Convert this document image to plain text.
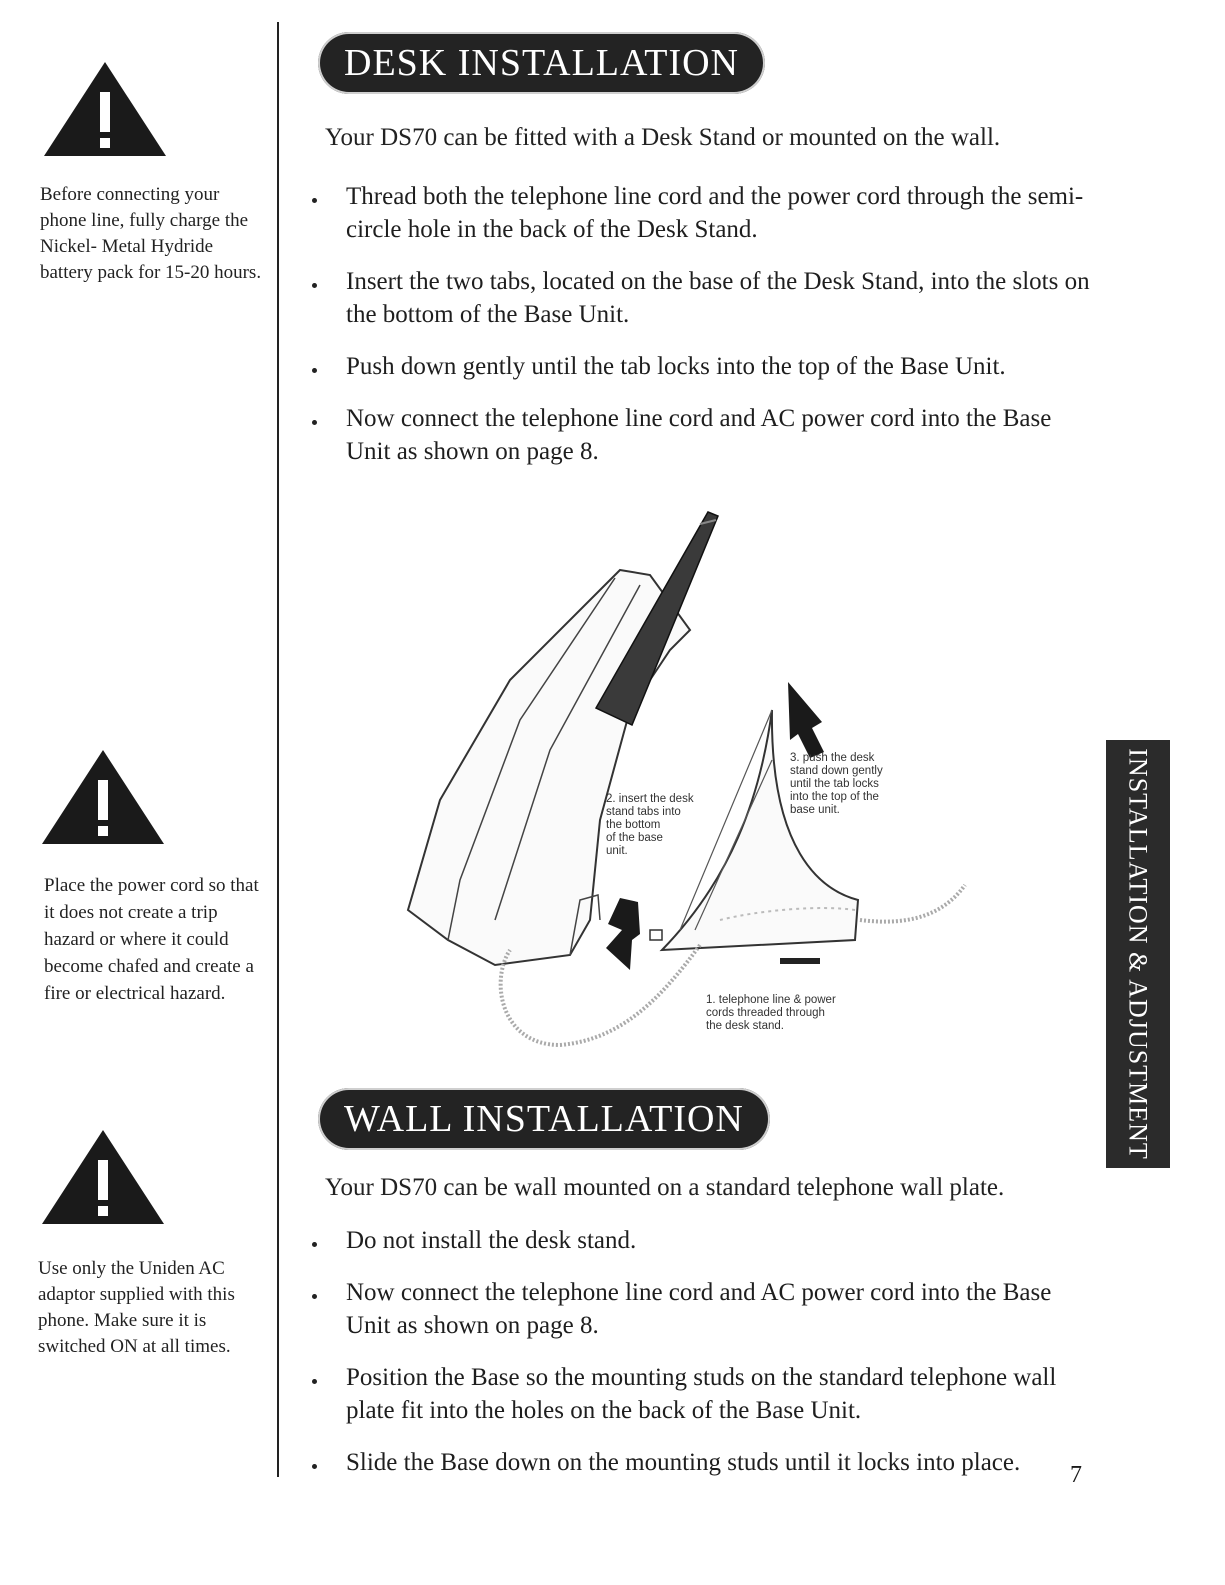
Before connecting your phone line, fully charge the Nickel- Metal Hydride battery pack for 15-20 hours.
Place the power cord so that it does not create a trip hazard or where it could become chafed and create a fire or electrical hazard.
Use only the Uniden AC adaptor supplied with this phone. Make sure it is switched ON at all times.
DESK INSTALLATION
Your DS70 can be fitted with a Desk Stand or mounted on the wall.
Thread both the telephone line cord and the power cord through the semi-circle hole in the back of the Desk Stand.
Insert the two tabs, located on the base of the Desk Stand, into the slots on the bottom of the Base Unit.
Push down gently until the tab locks into the top of the Base Unit.
Now connect the telephone line cord and AC power cord into the Base Unit as shown on page 8.
1. telephone line & power
cords threaded through
the desk stand.
2. insert the desk
stand tabs into
the bottom
of the base
unit.
3. push the desk
stand down gently
until the tab locks
into the top of the
base unit.
WALL INSTALLATION
Your DS70 can be wall mounted on a standard telephone wall plate.
Do not install the desk stand.
Now connect the telephone line cord and AC power cord into the Base Unit as shown on page 8.
Position the Base so the mounting studs on the standard telephone wall plate fit into the holes on the back of the Base Unit.
Slide the Base down on the mounting studs until it locks into place.
INSTALLATION & ADJUSTMENT
7
